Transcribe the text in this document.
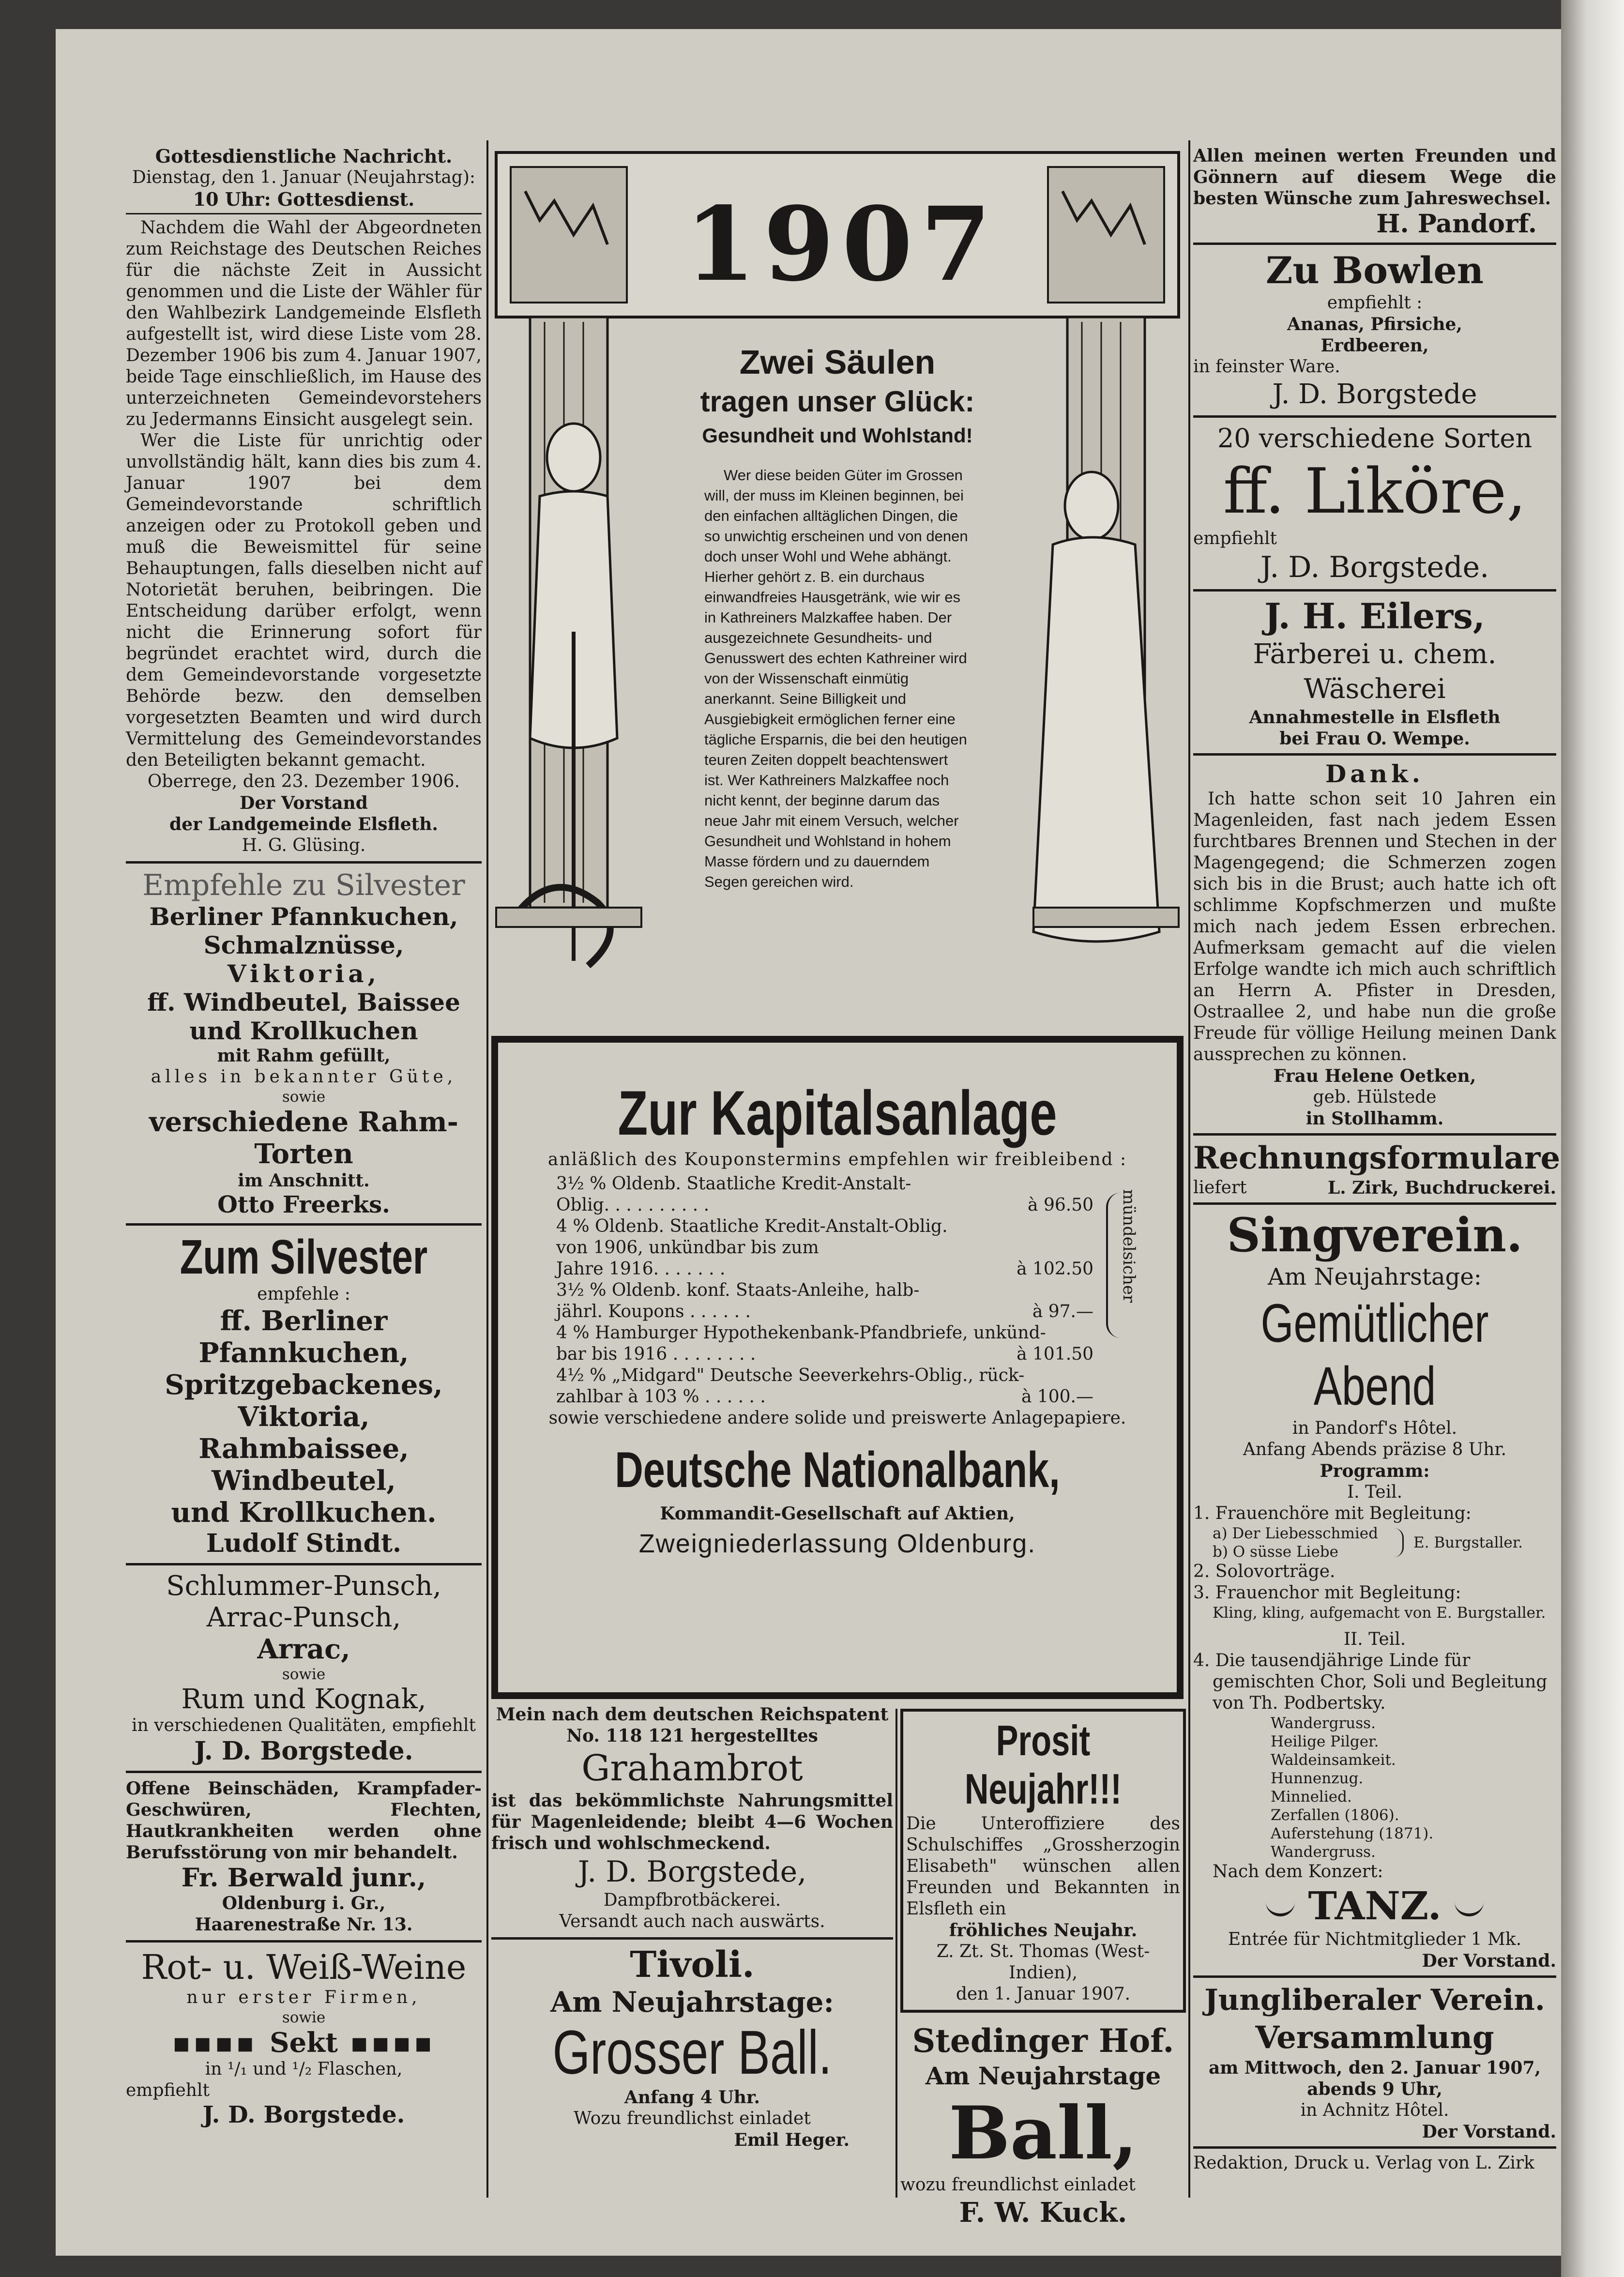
Gottesdienstliche Nachricht.
Dienstag, den 1. Januar (Neujahrstag):
10 Uhr: Gottesdienst.
Nachdem die Wahl der Abgeordneten zum Reichstage des Deutschen Reiches für die nächste Zeit in Aussicht genommen und die Liste der Wähler für den Wahlbezirk Landgemeinde Elsfleth aufgestellt ist, wird diese Liste vom 28. Dezember 1906 bis zum 4. Januar 1907, beide Tage einschließlich, im Hause des unterzeichneten Gemeindevorstehers zu Jedermanns Einsicht ausgelegt sein.
Wer die Liste für unrichtig oder unvollständig hält, kann dies bis zum 4. Januar 1907 bei dem Gemeindevorstande schriftlich anzeigen oder zu Protokoll geben und muß die Beweismittel für seine Behauptungen, falls dieselben nicht auf Notorietät beruhen, beibringen. Die Entscheidung darüber erfolgt, wenn nicht die Erinnerung sofort für begründet erachtet wird, durch die dem Gemeindevorstande vorgesetzte Behörde bezw. den demselben vorgesetzten Beamten und wird durch Vermittelung des Gemeindevorstandes den Beteiligten bekannt gemacht.
Oberrege, den 23. Dezember 1906.
Der Vorstand
der Landgemeinde Elsfleth.
H. G. Glüsing.
Empfehle zu Silvester
Berliner Pfannkuchen,
Schmalznüsse,
Viktoria,
ff. Windbeutel, Baissee
und Krollkuchen
mit Rahm gefüllt,
alles in bekannter Güte,
sowie
verschiedene Rahm-Torten
im Anschnitt.
Otto Freerks.
Zum Silvester
empfehle :
ff. Berliner Pfannkuchen,
Spritzgebackenes,
Viktoria,
Rahmbaissee,
Windbeutel,
und Krollkuchen.
Ludolf Stindt.
Schlummer-Punsch,
Arrac-Punsch,
Arrac,
sowie
Rum und Kognak,
in verschiedenen Qualitäten, empfiehlt
J. D. Borgstede.
Offene Beinschäden, Krampfader-Geschwüren, Flechten, Hautkrankheiten werden ohne Berufsstörung von mir behandelt.
Fr. Berwald junr.,
Oldenburg i. Gr.,
Haarenestraße Nr. 13.
Rot- u. Weiß-Weine
nur erster Firmen,
sowie
▪▪▪▪ Sekt ▪▪▪▪
in ¹/₁ und ¹/₂ Flaschen,
empfiehlt
J. D. Borgstede.
1907
Zwei Säulen
tragen unser Glück:
Gesundheit und Wohlstand!
Wer diese beiden Güter im Grossen will, der muss im Kleinen beginnen, bei den einfachen alltäglichen Dingen, die so unwichtig erscheinen und von denen doch unser Wohl und Wehe abhängt. Hierher gehört z. B. ein durchaus einwandfreies Hausgetränk, wie wir es in Kathreiners Malzkaffee haben. Der ausgezeichnete Gesundheits- und Genusswert des echten Kathreiner wird von der Wissenschaft einmütig anerkannt. Seine Billigkeit und Ausgiebigkeit ermöglichen ferner eine tägliche Ersparnis, die bei den heutigen teuren Zeiten doppelt beachtenswert ist. Wer Kathreiners Malzkaffee noch nicht kennt, der beginne darum das neue Jahr mit einem Versuch, welcher Gesundheit und Wohlstand in hohem Masse fördern und zu dauerndem Segen gereichen wird.
Zur Kapitalsanlage
anläßlich des Kouponstermins empfehlen wir freibleibend :
3½ % Oldenb. Staatliche Kredit-Anstalt-
Oblig. . . . . . . . . .	à 96.50
4 % Oldenb. Staatliche Kredit-Anstalt-Oblig.
von 1906, unkündbar bis zum
Jahre 1916. . . . . . .	à 102.50
3½ % Oldenb. konf. Staats-Anleihe, halb-
jährl. Koupons . . . . . .	à 97.—
4 % Hamburger Hypothekenbank-Pfandbriefe, unkünd-
bar bis 1916 . . . . . . . .	à 101.50
4½ % „Midgard" Deutsche Seeverkehrs-Oblig., rück-
zahlbar à 103 % . . . . . .	à 100.—
mündelsicher
sowie verschiedene andere solide und preiswerte Anlagepapiere.
Deutsche Nationalbank,
Kommandit-Gesellschaft auf Aktien,
Zweigniederlassung Oldenburg.
Mein nach dem deutschen Reichspatent No. 118 121 hergestelltes
Grahambrot
ist das bekömmlichste Nahrungsmittel für Magenleidende; bleibt 4—6 Wochen frisch und wohlschmeckend.
J. D. Borgstede,
Dampfbrotbäckerei.
Versandt auch nach auswärts.
Tivoli.
Am Neujahrstage:
Grosser Ball.
Anfang 4 Uhr.
Wozu freundlichst einladet
Emil Heger.
Prosit Neujahr!!!
Die Unteroffiziere des Schulschiffes „Grossherzogin Elisabeth" wünschen allen Freunden und Bekannten in Elsfleth ein
fröhliches Neujahr.
Z. Zt. St. Thomas (West-Indien),
den 1. Januar 1907.
Stedinger Hof.
Am Neujahrstage
Ball,
wozu freundlichst einladet
F. W. Kuck.
Allen meinen werten Freunden und Gönnern auf diesem Wege die besten Wünsche zum Jahreswechsel.
H. Pandorf.
Zu Bowlen
empfiehlt :
Ananas, Pfirsiche,
Erdbeeren,
in feinster Ware.
J. D. Borgstede
20 verschiedene Sorten
ff. Liköre,
empfiehlt
J. D. Borgstede.
J. H. Eilers,
Färberei u. chem. Wäscherei
Annahmestelle in Elsfleth
bei Frau O. Wempe.
Dank.
Ich hatte schon seit 10 Jahren ein Magenleiden, fast nach jedem Essen furchtbares Brennen und Stechen in der Magengegend; die Schmerzen zogen sich bis in die Brust; auch hatte ich oft schlimme Kopfschmerzen und mußte mich nach jedem Essen erbrechen. Aufmerksam gemacht auf die vielen Erfolge wandte ich mich auch schriftlich an Herrn A. Pfister in Dresden, Ostraallee 2, und habe nun die große Freude für völlige Heilung meinen Dank aussprechen zu können.
Frau Helene Oetken,
geb. Hülstede
in Stollhamm.
Rechnungsformulare
liefert	L. Zirk, Buchdruckerei.
Singverein.
Am Neujahrstage:
Gemütlicher Abend
in Pandorf's Hôtel.
Anfang Abends präzise 8 Uhr.
Programm:
I. Teil.
1. Frauenchöre mit Begleitung:
a) Der Liebesschmied
b) O süsse Liebe
E. Burgstaller.
2. Solovorträge.
3. Frauenchor mit Begleitung:
Kling, kling, aufgemacht von E. Burgstaller.
II. Teil.
4. Die tausendjährige Linde für gemischten Chor, Soli und Begleitung von Th. Podbertsky.
Wandergruss.
Heilige Pilger.
Waldeinsamkeit.
Hunnenzug.
Minnelied.
Zerfallen (1806).
Auferstehung (1871).
Wandergruss.
Nach dem Konzert:
TANZ.
Entrée für Nichtmitglieder 1 Mk.
Der Vorstand.
Jungliberaler Verein.
Versammlung
am Mittwoch, den 2. Januar 1907,
abends 9 Uhr,
in Achnitz Hôtel.
Der Vorstand.
Redaktion, Druck u. Verlag von L. Zirk
